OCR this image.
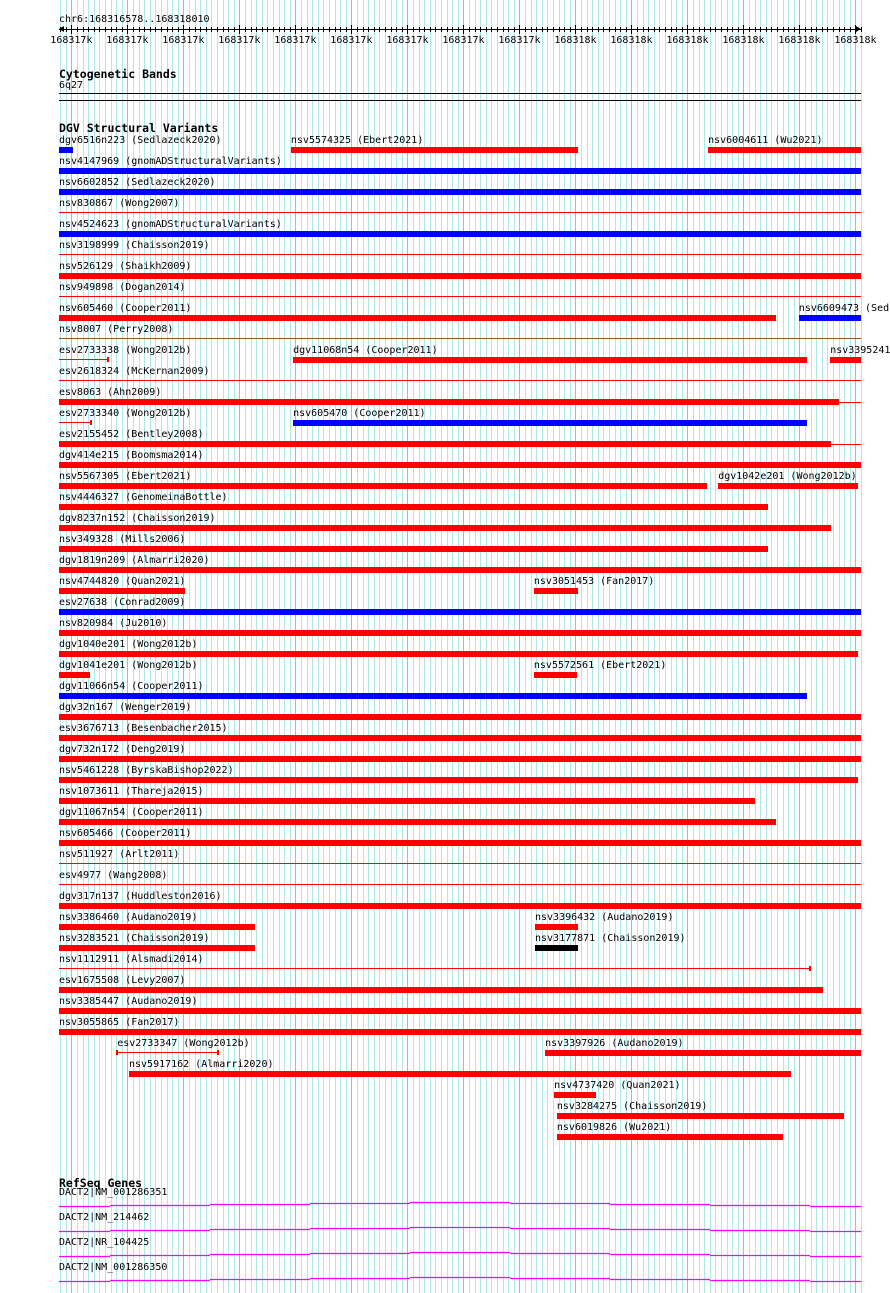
chr6:168316578..168318010
168317k 168317k 168317k 168317k 168317k 168317k 168317k 168317k 168317k 168318k 168318k 168318k 168318k 168318k 168318k
Cytogenetic Bands
6q27
DGV Structural Variants
dgv6516n223 (Sedlazeck2020)	nsv5574325 (Ebert2021)	nsv6004611 (Wu2021)
nsv4147969 (gnomADStructuralVariants)
nsv6602852 (Sedlazeck2020)
nsv830867 (Wong2007)
nsv4524623 (gnomADStructuralVariants)
nsv3198999 (Chaisson2019)
nsv526129 (Shaikh2009)
nsv949898 (Dogan2014)
nsv605460 (Cooper2011)	nsv6609473 (Sed
nsv8007 (Perry2008)
esv2733338 (Wong2012b)	dgv11068n54 (Cooper2011)	nsv3395241
esv2618324 (McKernan2009)
esv8063 (Ahn2009)
esv2733340 (Wong2012b)	nsv605470 (Cooper2011)
esv2155452 (Bentley2008)
dgv414e215 (Boomsma2014)
nsv5567305 (Ebert2021)	dgv1042e201 (Wong2012b)
nsv4446327 (GenomeinaBottle)
dgv8237n152 (Chaisson2019)
nsv349328 (Mills2006)
dgv1819n209 (Almarri2020)
nsv4744820 (Quan2021)	nsv3051453 (Fan2017)
esv27638 (Conrad2009)
nsv820984 (Ju2010)
dgv1040e201 (Wong2012b)
dgv1041e201 (Wong2012b)	nsv5572561 (Ebert2021)
dgv11066n54 (Cooper2011)
dgv32n167 (Wenger2019)
esv3676713 (Besenbacher2015)
dgv732n172 (Deng2019)
nsv5461228 (ByrskaBishop2022)
nsv1073611 (Thareja2015)
dgv11067n54 (Cooper2011)
nsv605466 (Cooper2011)
nsv511927 (Arlt2011)
esv4977 (Wang2008)
dgv317n137 (Huddleston2016)
nsv3386460 (Audano2019)	nsv3396432 (Audano2019)
nsv3283521 (Chaisson2019)	nsv3177871 (Chaisson2019)
nsv1112911 (Alsmadi2014)
esv1675508 (Levy2007)
nsv3385447 (Audano2019)
nsv3055865 (Fan2017)
esv2733347 (Wong2012b)	nsv3397926 (Audano2019)
nsv5917162 (Almarri2020)
nsv4737420 (Quan2021)
nsv3284275 (Chaisson2019)
nsv6019826 (Wu2021)
RefSeq Genes
DACT2|NM_001286351
DACT2|NM_214462
DACT2|NR_104425
DACT2|NM_001286350
